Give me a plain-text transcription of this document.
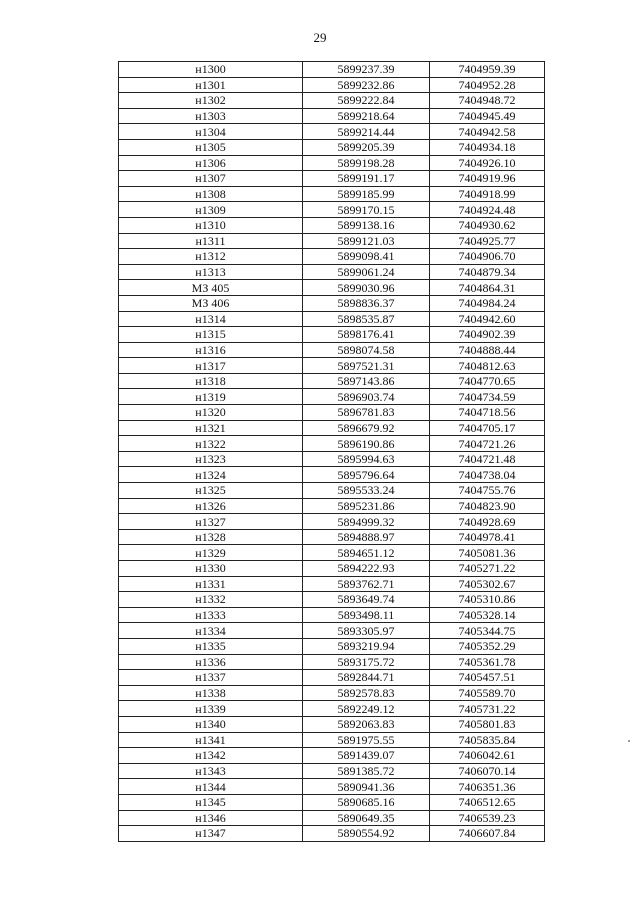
29
н1300	5899237.39	7404959.39
н1301	5899232.86	7404952.28
н1302	5899222.84	7404948.72
н1303	5899218.64	7404945.49
н1304	5899214.44	7404942.58
н1305	5899205.39	7404934.18
н1306	5899198.28	7404926.10
н1307	5899191.17	7404919.96
н1308	5899185.99	7404918.99
н1309	5899170.15	7404924.48
н1310	5899138.16	7404930.62
н1311	5899121.03	7404925.77
н1312	5899098.41	7404906.70
н1313	5899061.24	7404879.34
МЗ 405	5899030.96	7404864.31
МЗ 406	5898836.37	7404984.24
н1314	5898535.87	7404942.60
н1315	5898176.41	7404902.39
н1316	5898074.58	7404888.44
н1317	5897521.31	7404812.63
н1318	5897143.86	7404770.65
н1319	5896903.74	7404734.59
н1320	5896781.83	7404718.56
н1321	5896679.92	7404705.17
н1322	5896190.86	7404721.26
н1323	5895994.63	7404721.48
н1324	5895796.64	7404738.04
н1325	5895533.24	7404755.76
н1326	5895231.86	7404823.90
н1327	5894999.32	7404928.69
н1328	5894888.97	7404978.41
н1329	5894651.12	7405081.36
н1330	5894222.93	7405271.22
н1331	5893762.71	7405302.67
н1332	5893649.74	7405310.86
н1333	5893498.11	7405328.14
н1334	5893305.97	7405344.75
н1335	5893219.94	7405352.29
н1336	5893175.72	7405361.78
н1337	5892844.71	7405457.51
н1338	5892578.83	7405589.70
н1339	5892249.12	7405731.22
н1340	5892063.83	7405801.83
н1341	5891975.55	7405835.84
н1342	5891439.07	7406042.61
н1343	5891385.72	7406070.14
н1344	5890941.36	7406351.36
н1345	5890685.16	7406512.65
н1346	5890649.35	7406539.23
н1347	5890554.92	7406607.84
